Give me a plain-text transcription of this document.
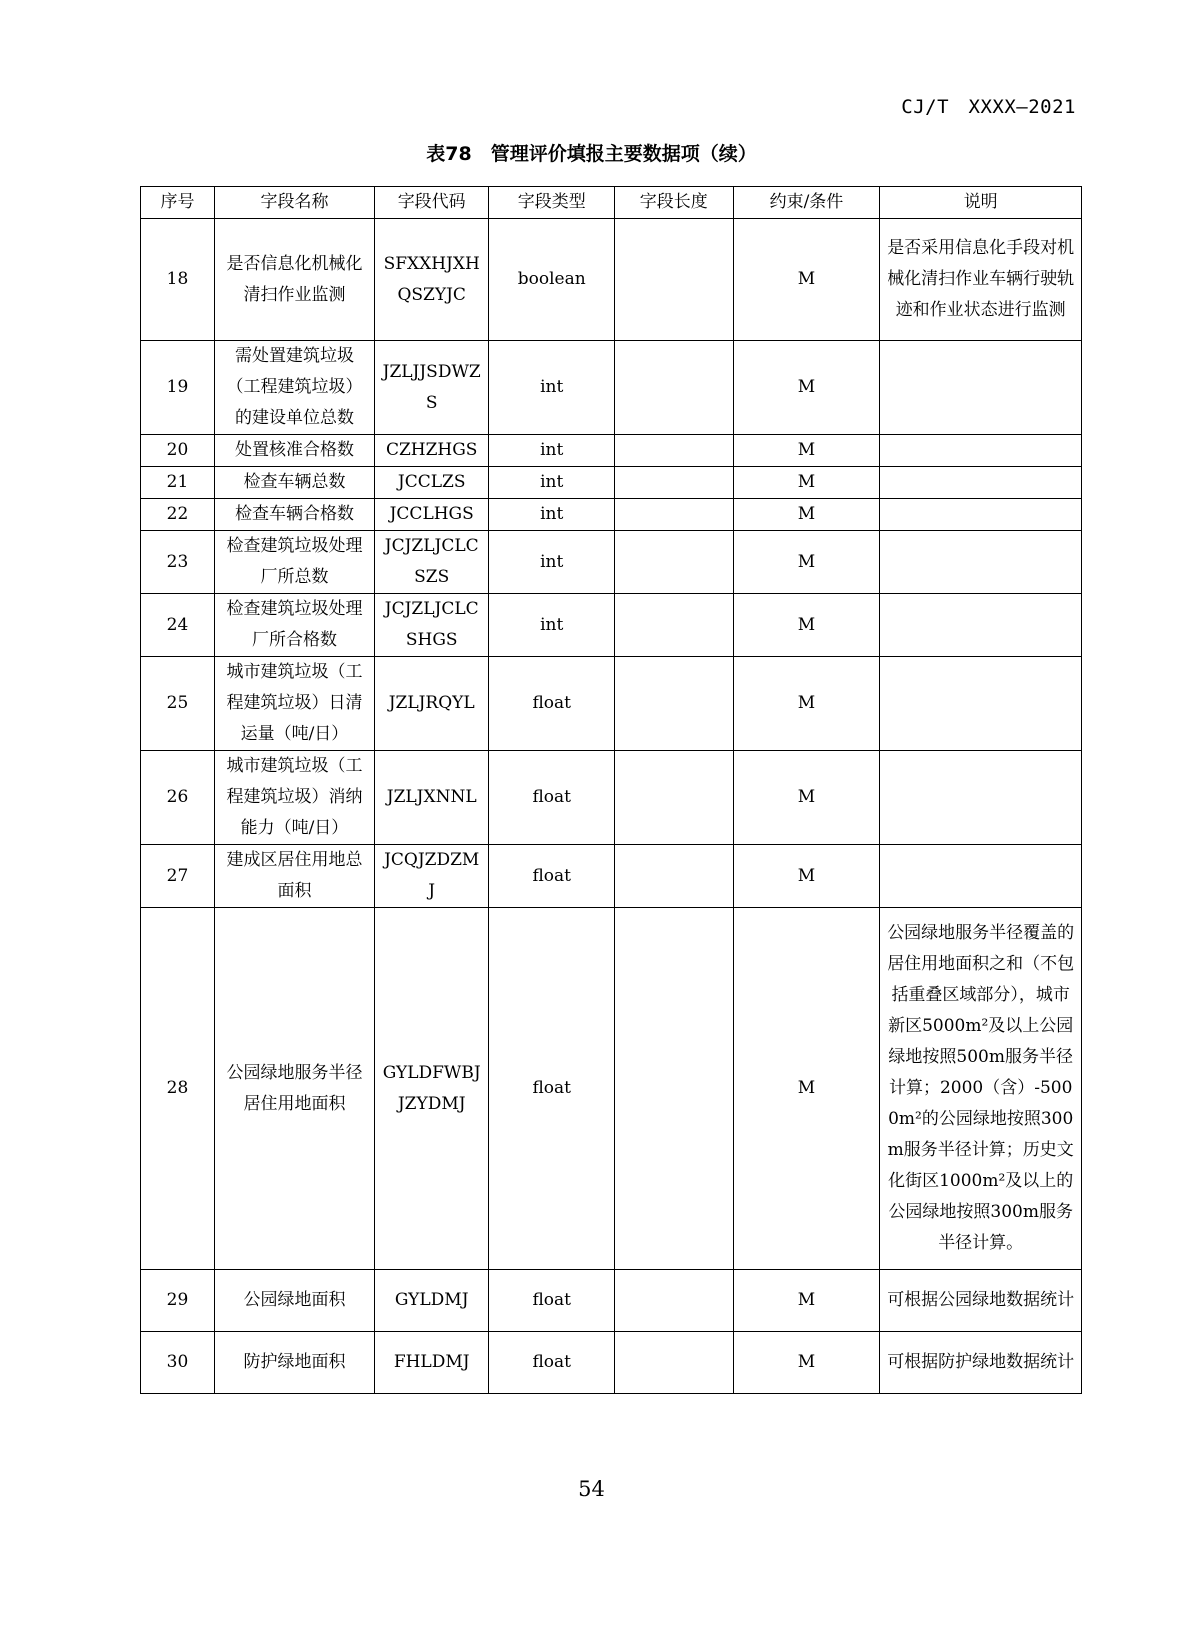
CJ/T　XXXX—2021
表78　管理评价填报主要数据项（续）
序号	字段名称	字段代码	字段类型	字段长度	约束/条件	说明
18	是否信息化机械化清扫作业监测	SFXXHJXHQSZYJC	boolean		M	是否采用信息化手段对机械化清扫作业车辆行驶轨迹和作业状态进行监测
19	需处置建筑垃圾（工程建筑垃圾）的建设单位总数	JZLJJSDWZS	int		M	
20	处置核准合格数	CZHZHGS	int		M	
21	检查车辆总数	JCCLZS	int		M	
22	检查车辆合格数	JCCLHGS	int		M	
23	检查建筑垃圾处理厂所总数	JCJZLJCLCSZS	int		M	
24	检查建筑垃圾处理厂所合格数	JCJZLJCLCSHGS	int		M	
25	城市建筑垃圾（工程建筑垃圾）日清运量（吨/日）	JZLJRQYL	float		M	
26	城市建筑垃圾（工程建筑垃圾）消纳能力（吨/日）	JZLJXNNL	float		M	
27	建成区居住用地总面积	JCQJZDZMJ	float		M	
28	公园绿地服务半径居住用地面积	GYLDFWBJJZYDMJ	float		M	公园绿地服务半径覆盖的居住用地面积之和（不包括重叠区域部分），城市新区5000m²及以上公园绿地按照500m服务半径计算；2000（含）-5000m²的公园绿地按照300m服务半径计算；历史文化街区1000m²及以上的公园绿地按照300m服务半径计算。
29	公园绿地面积	GYLDMJ	float		M	可根据公园绿地数据统计
30	防护绿地面积	FHLDMJ	float		M	可根据防护绿地数据统计
54
